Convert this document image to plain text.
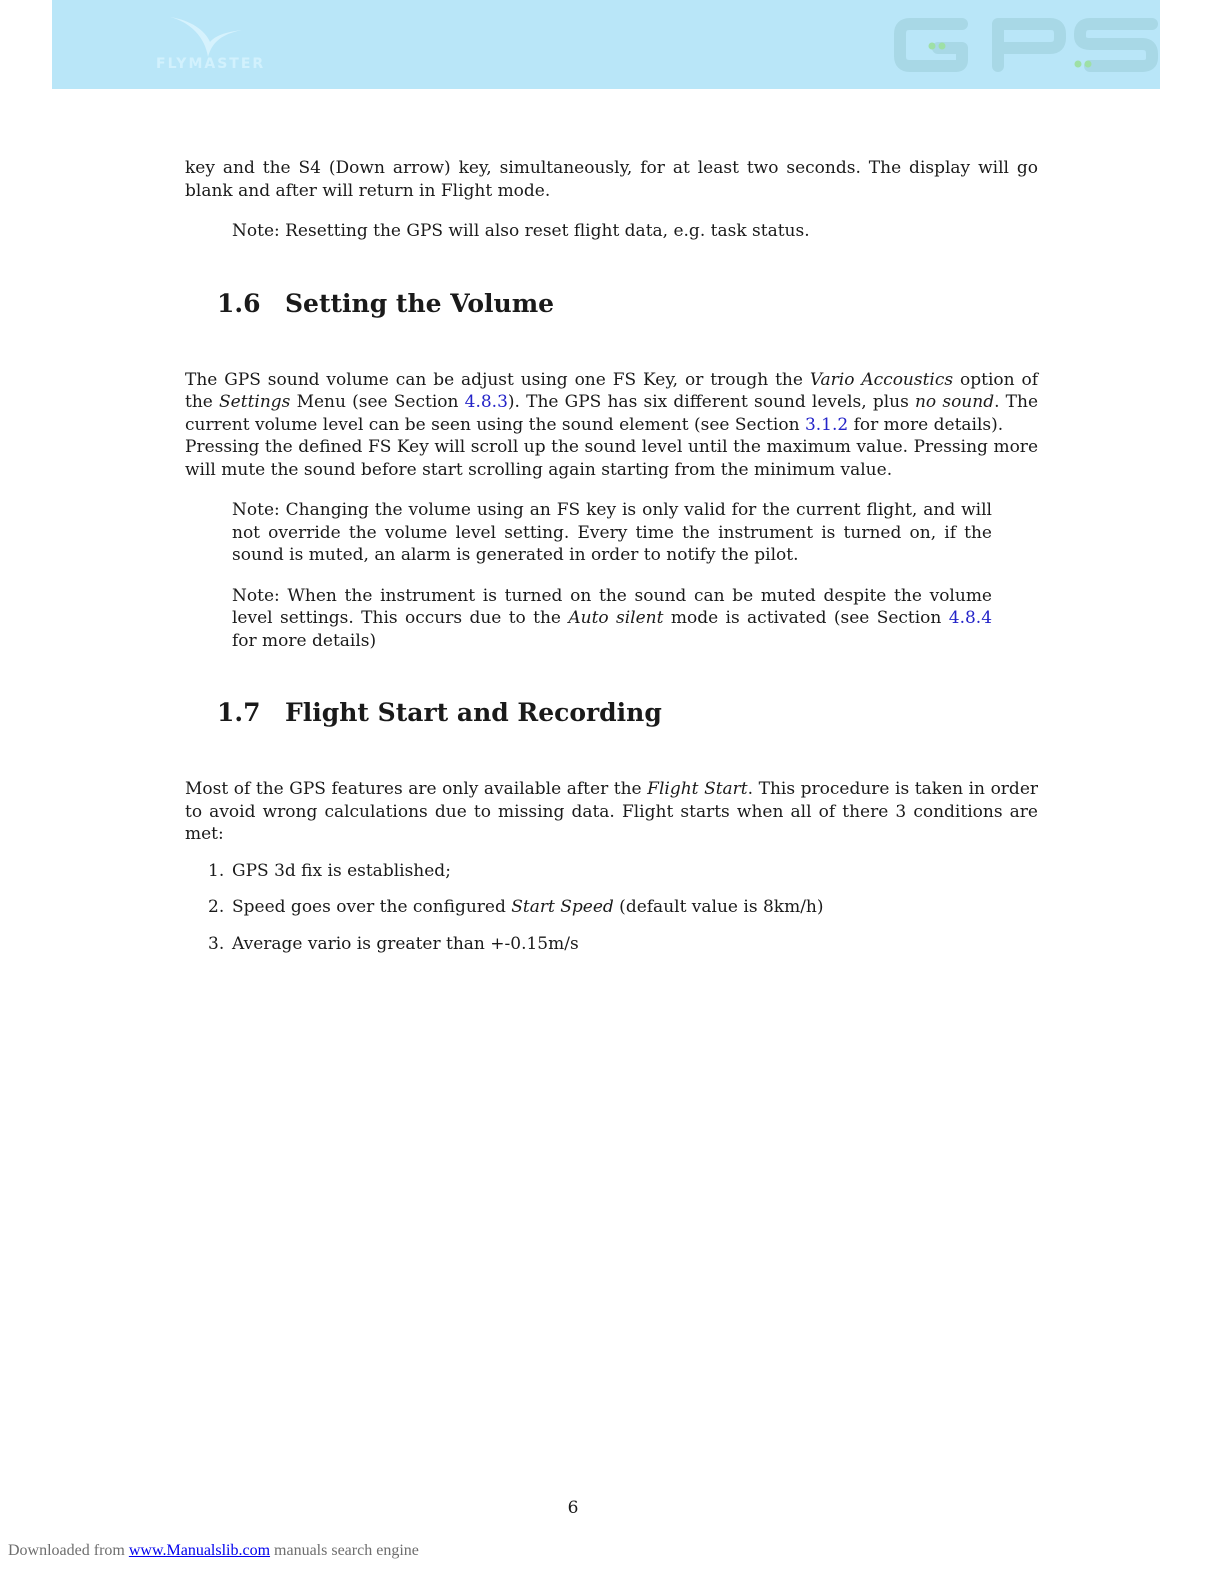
FLYMASTER

key and the S4 (Down arrow) key, simultaneously, for at least two seconds. The display will go blank and after will return in Flight mode.

Note: Resetting the GPS will also reset flight data, e.g. task status.

1.6 Setting the Volume

The GPS sound volume can be adjust using one FS Key, or trough the Vario Accoustics option of the Settings Menu (see Section 4.8.3). The GPS has six different sound levels, plus no sound. The current volume level can be seen using the sound element (see Section 3.1.2 for more details).

Pressing the defined FS Key will scroll up the sound level until the maximum value. Pressing more will mute the sound before start scrolling again starting from the minimum value.

Note: Changing the volume using an FS key is only valid for the current flight, and will not override the volume level setting. Every time the instrument is turned on, if the sound is muted, an alarm is generated in order to notify the pilot.

Note: When the instrument is turned on the sound can be muted despite the volume level settings. This occurs due to the Auto silent mode is activated (see Section 4.8.4 for more details)

1.7 Flight Start and Recording

Most of the GPS features are only available after the Flight Start. This procedure is taken in order to avoid wrong calculations due to missing data. Flight starts when all of there 3 conditions are met:

1. GPS 3d fix is established;
2. Speed goes over the configured Start Speed (default value is 8km/h)
3. Average vario is greater than +-0.15m/s
6
Downloaded from www.Manualslib.com manuals search engine
